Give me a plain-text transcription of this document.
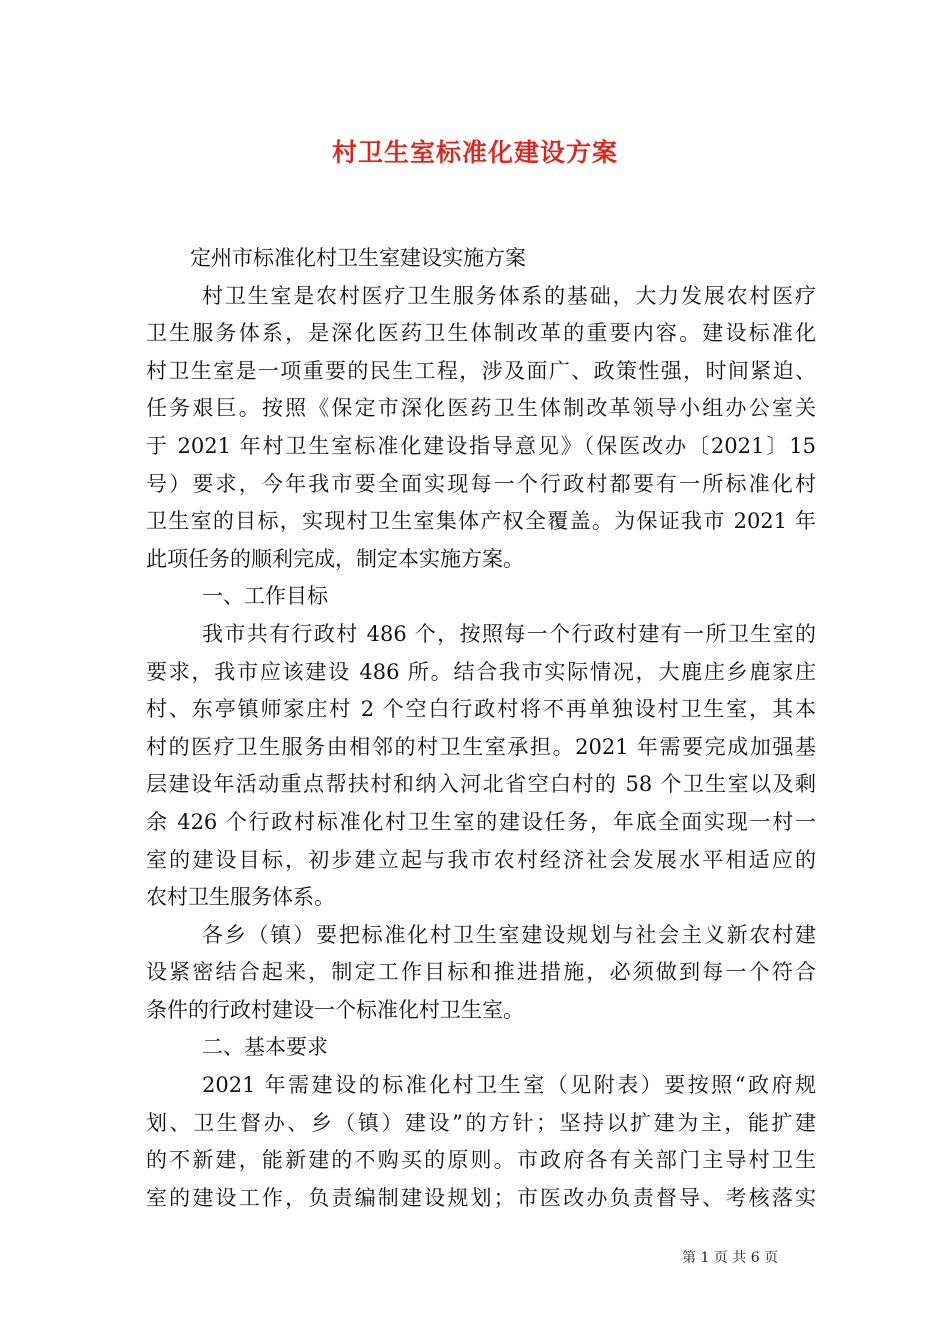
村卫生室标准化建设方案
定州市标准化村卫生室建设实施方案
村卫生室是农村医疗卫生服务体系的基础，大力发展农村医疗
卫生服务体系，是深化医药卫生体制改革的重要内容。建设标准化
村卫生室是一项重要的民生工程，涉及面广、政策性强，时间紧迫、
任务艰巨。按照《保定市深化医药卫生体制改革领导小组办公室关
于 2021 年村卫生室标准化建设指导意见》（保医改办〔2021〕15
号）要求，今年我市要全面实现每一个行政村都要有一所标准化村
卫生室的目标，实现村卫生室集体产权全覆盖。为保证我市 2021 年
此项任务的顺利完成，制定本实施方案。
一、工作目标
我市共有行政村 486 个，按照每一个行政村建有一所卫生室的
要求，我市应该建设 486 所。结合我市实际情况，大鹿庄乡鹿家庄
村、东亭镇师家庄村 2 个空白行政村将不再单独设村卫生室，其本
村的医疗卫生服务由相邻的村卫生室承担。2021 年需要完成加强基
层建设年活动重点帮扶村和纳入河北省空白村的 58 个卫生室以及剩
余 426 个行政村标准化村卫生室的建设任务，年底全面实现一村一
室的建设目标，初步建立起与我市农村经济社会发展水平相适应的
农村卫生服务体系。
各乡（镇）要把标准化村卫生室建设规划与社会主义新农村建
设紧密结合起来，制定工作目标和推进措施，必须做到每一个符合
条件的行政村建设一个标准化村卫生室。
二、基本要求
2021 年需建设的标准化村卫生室（见附表）要按照“政府规
划、卫生督办、乡（镇）建设”的方针；坚持以扩建为主，能扩建
的不新建，能新建的不购买的原则。市政府各有关部门主导村卫生
室的建设工作，负责编制建设规划；市医改办负责督导、考核落实
第 1 页 共 6 页
